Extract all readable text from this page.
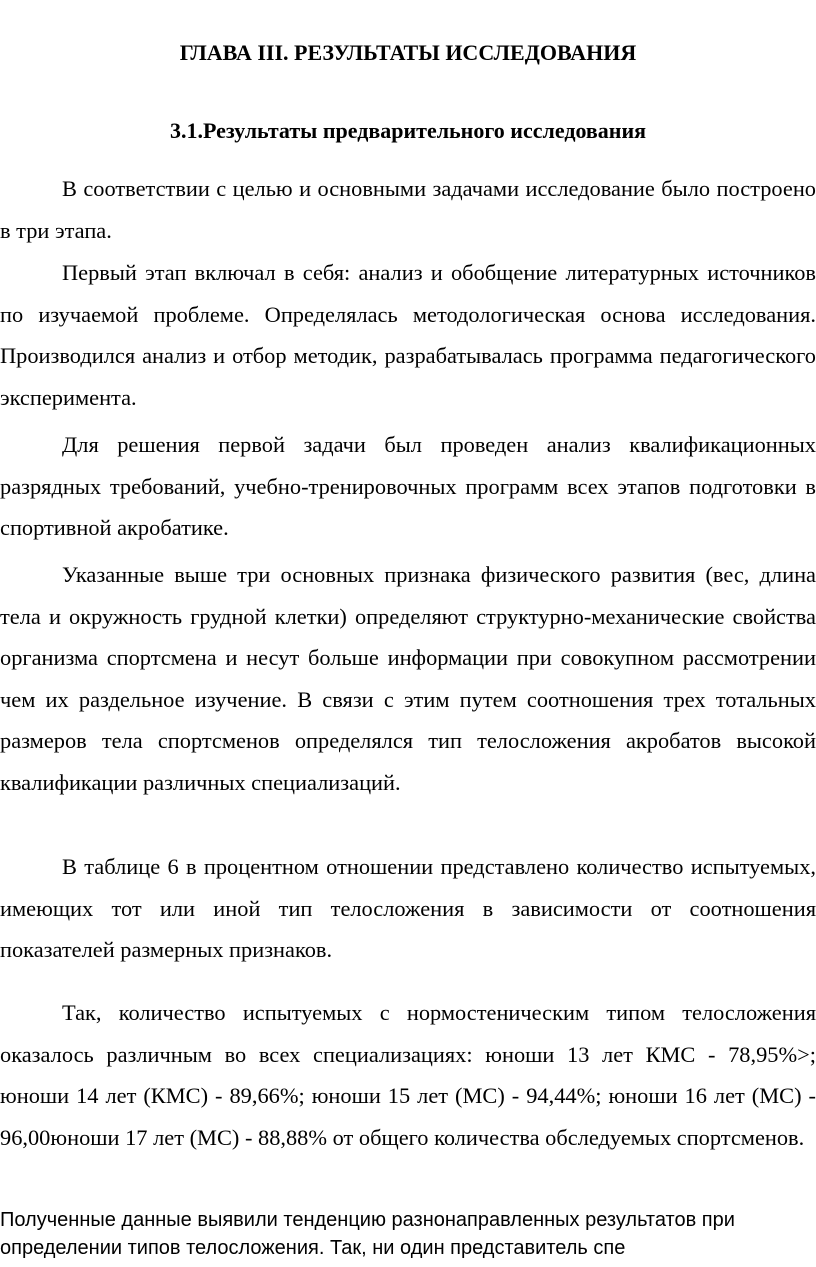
ГЛАВА III. РЕЗУЛЬТАТЫ ИССЛЕДОВАНИЯ
3.1.Результаты предварительного исследования

В соответствии с целью и основными задачами исследование было построено в три этапа.

Первый этап включал в себя: анализ и обобщение литературных источников по изучаемой проблеме. Определялась методологическая основа исследования. Производился анализ и отбор методик, разрабатывалась программа педагогического эксперимента.

Для решения первой задачи был проведен анализ квалификационных разрядных требований, учебно-тренировочных программ всех этапов подготовки в спортивной акробатике.

Указанные выше три основных признака физического развития (вес, длина тела и окружность грудной клетки) определяют структурно-механические свойства организма спортсмена и несут больше информации при совокупном рассмотрении чем их раздельное изучение. В связи с этим путем соотношения трех тотальных размеров тела спортсменов определялся тип телосложения акробатов высокой квалификации различных специализаций.

В таблице 6 в процентном отношении представлено количество испытуемых, имеющих тот или иной тип телосложения в зависимости от соотношения показателей размерных признаков.

Так, количество испытуемых с нормостеническим типом телосложения оказалось различным во всех специализациях: юноши 13 лет КМС - 78,95%>; юноши 14 лет (КМС) - 89,66%; юноши 15 лет (МС) - 94,44%; юноши 16 лет (МС) - 96,00юноши 17 лет (МС) - 88,88% от общего количества обследуемых спортсменов.

Полученные данные выявили тенденцию разнонаправленных результатов при определении типов телосложения. Так, ни один представитель спе
